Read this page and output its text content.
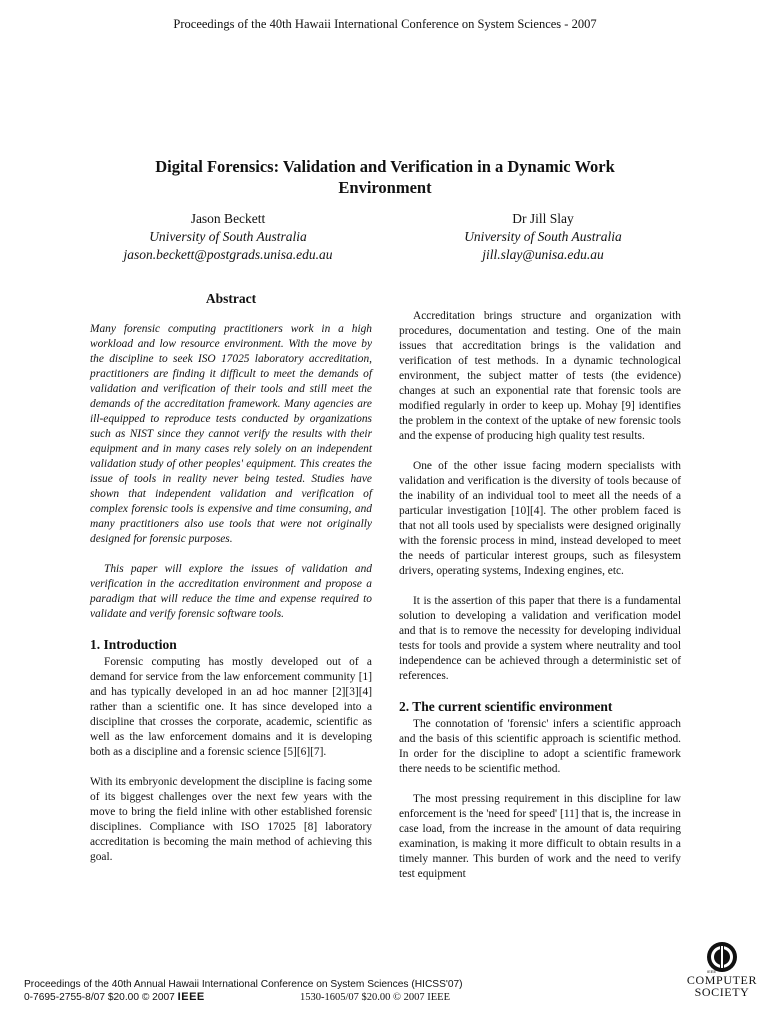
Proceedings of the 40th Hawaii International Conference on System Sciences - 2007
Digital Forensics: Validation and Verification in a Dynamic Work
Environment
Jason Beckett
University of South Australia
jason.beckett@postgrads.unisa.edu.au
Dr Jill Slay
University of South Australia
jill.slay@unisa.edu.au
Abstract

Many forensic computing practitioners work in a high workload and low resource environment. With the move by the discipline to seek ISO 17025 laboratory accreditation, practitioners are finding it difficult to meet the demands of validation and verification of their tools and still meet the demands of the accreditation framework. Many agencies are ill-equipped to reproduce tests conducted by organizations such as NIST since they cannot verify the results with their equipment and in many cases rely solely on an independent validation study of other peoples' equipment. This creates the issue of tools in reality never being tested. Studies have shown that independent validation and verification of complex forensic tools is expensive and time consuming, and many practitioners also use tools that were not originally designed for forensic purposes.

This paper will explore the issues of validation and verification in the accreditation environment and propose a paradigm that will reduce the time and expense required to validate and verify forensic software tools.

1. Introduction

Forensic computing has mostly developed out of a demand for service from the law enforcement community [1] and has typically developed in an ad hoc manner [2][3][4] rather than a scientific one. It has since developed into a discipline that crosses the corporate, academic, scientific as well as the law enforcement domains and it is developing both as a discipline and a forensic science [5][6][7].

With its embryonic development the discipline is facing some of its biggest challenges over the next few years with the move to bring the field inline with other established forensic disciplines. Compliance with ISO 17025 [8] laboratory accreditation is becoming the main method of achieving this goal.

Accreditation brings structure and organization with procedures, documentation and testing. One of the main issues that accreditation brings is the validation and verification of test methods. In a dynamic technological environment, the subject matter of tests (the evidence) changes at such an exponential rate that forensic tools are modified regularly in order to keep up. Mohay [9] identifies the problem in the context of the uptake of new forensic tools and the expense of producing high quality test results.

One of the other issue facing modern specialists with validation and verification is the diversity of tools because of the inability of an individual tool to meet all the needs of a particular investigation [10][4]. The other problem faced is that not all tools used by specialists were designed originally with the forensic process in mind, instead developed to meet the needs of particular interest groups, such as filesystem drivers, operating systems, Indexing engines, etc.

It is the assertion of this paper that there is a fundamental solution to developing a validation and verification model and that is to remove the necessity for developing individual tests for tools and provide a system where neutrality and tool independence can be achieved through a deterministic set of references.

2. The current scientific environment

The connotation of 'forensic' infers a scientific approach and the basis of this scientific approach is scientific method. In order for the discipline to adopt a scientific framework there needs to be scientific method.

The most pressing requirement in this discipline for law enforcement is the 'need for speed' [11] that is, the increase in case load, from the increase in the amount of data requiring examination, is making it more difficult to obtain results in a timely manner. This burden of work and the need to verify test equipment

Proceedings of the 40th Annual Hawaii International Conference on System Sciences (HICSS'07)
0-7695-2755-8/07 $20.00 © 2007 IEEE	1530-1605/07 $20.00 © 2007 IEEE
IEEE
COMPUTER
SOCIETY
